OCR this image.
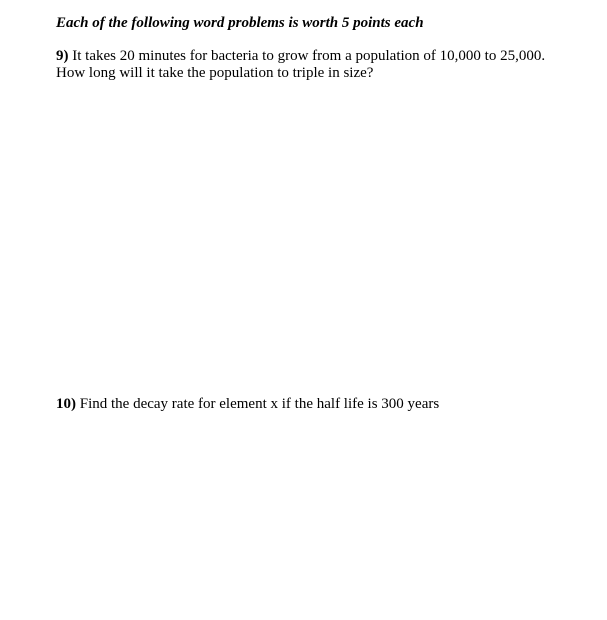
Each of the following word problems is worth 5 points each
9) It takes 20 minutes for bacteria to grow from a population of 10,000 to 25,000. How long will it take the population to triple in size?
10) Find the decay rate for element x if the half life is 300 years
